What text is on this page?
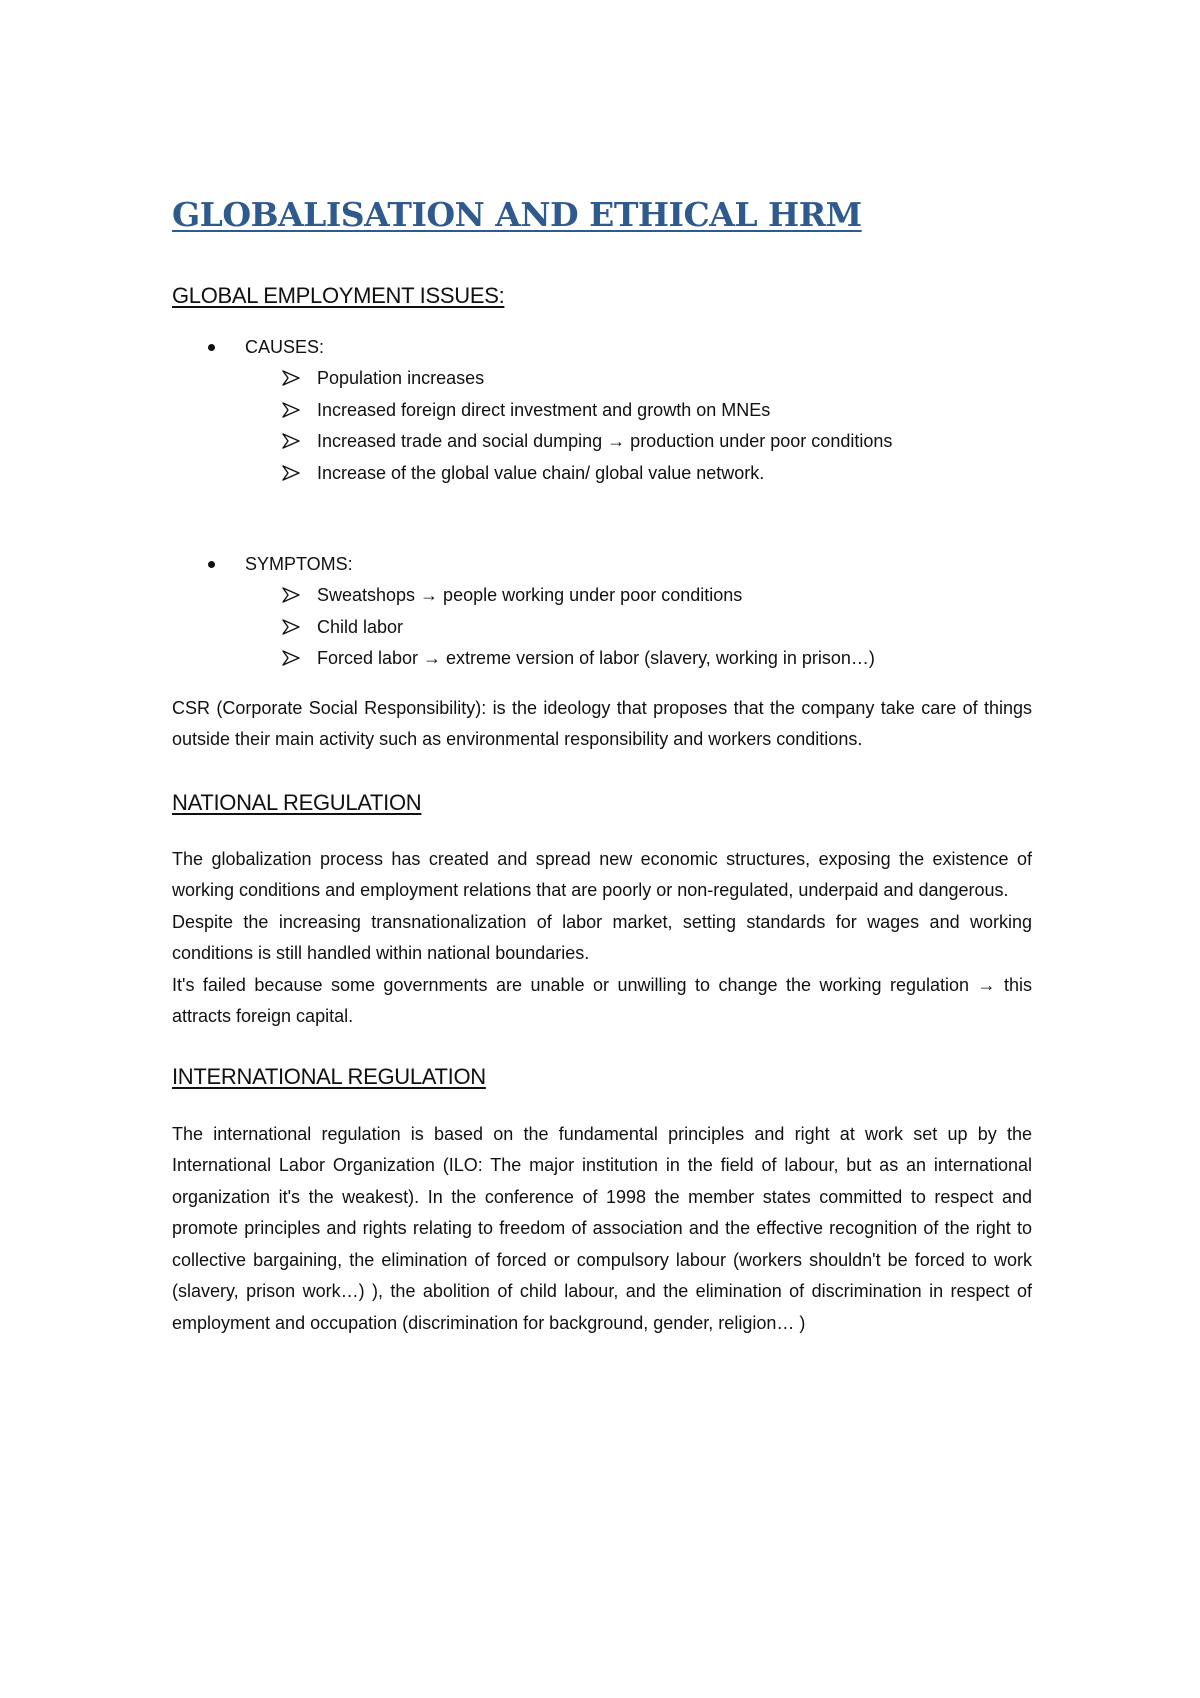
GLOBALISATION AND ETHICAL HRM
GLOBAL EMPLOYMENT ISSUES:
CAUSES:
Population increases
Increased foreign direct investment and growth on MNEs
Increased trade and social dumping → production under poor conditions
Increase of the global value chain/ global value network.
SYMPTOMS:
Sweatshops → people working under poor conditions
Child labor
Forced labor → extreme version of labor (slavery, working in prison…)

CSR (Corporate Social Responsibility): is the ideology that proposes that the company take care of things outside their main activity such as environmental responsibility and workers conditions.

NATIONAL REGULATION

The globalization process has created and spread new economic structures, exposing the existence of working conditions and employment relations that are poorly or non-regulated, underpaid and dangerous.

Despite the increasing transnationalization of labor market, setting standards for wages and working conditions is still handled within national boundaries.

It's failed because some governments are unable or unwilling to change the working regulation → this attracts foreign capital.

INTERNATIONAL REGULATION

The international regulation is based on the fundamental principles and right at work set up by the International Labor Organization (ILO: The major institution in the field of labour, but as an international organization it's the weakest). In the conference of 1998 the member states committed to respect and promote principles and rights relating to freedom of association and the effective recognition of the right to collective bargaining, the elimination of forced or compulsory labour (workers shouldn't be forced to work (slavery, prison work…) ), the abolition of child labour, and the elimination of discrimination in respect of employment and occupation (discrimination for background, gender, religion… )
